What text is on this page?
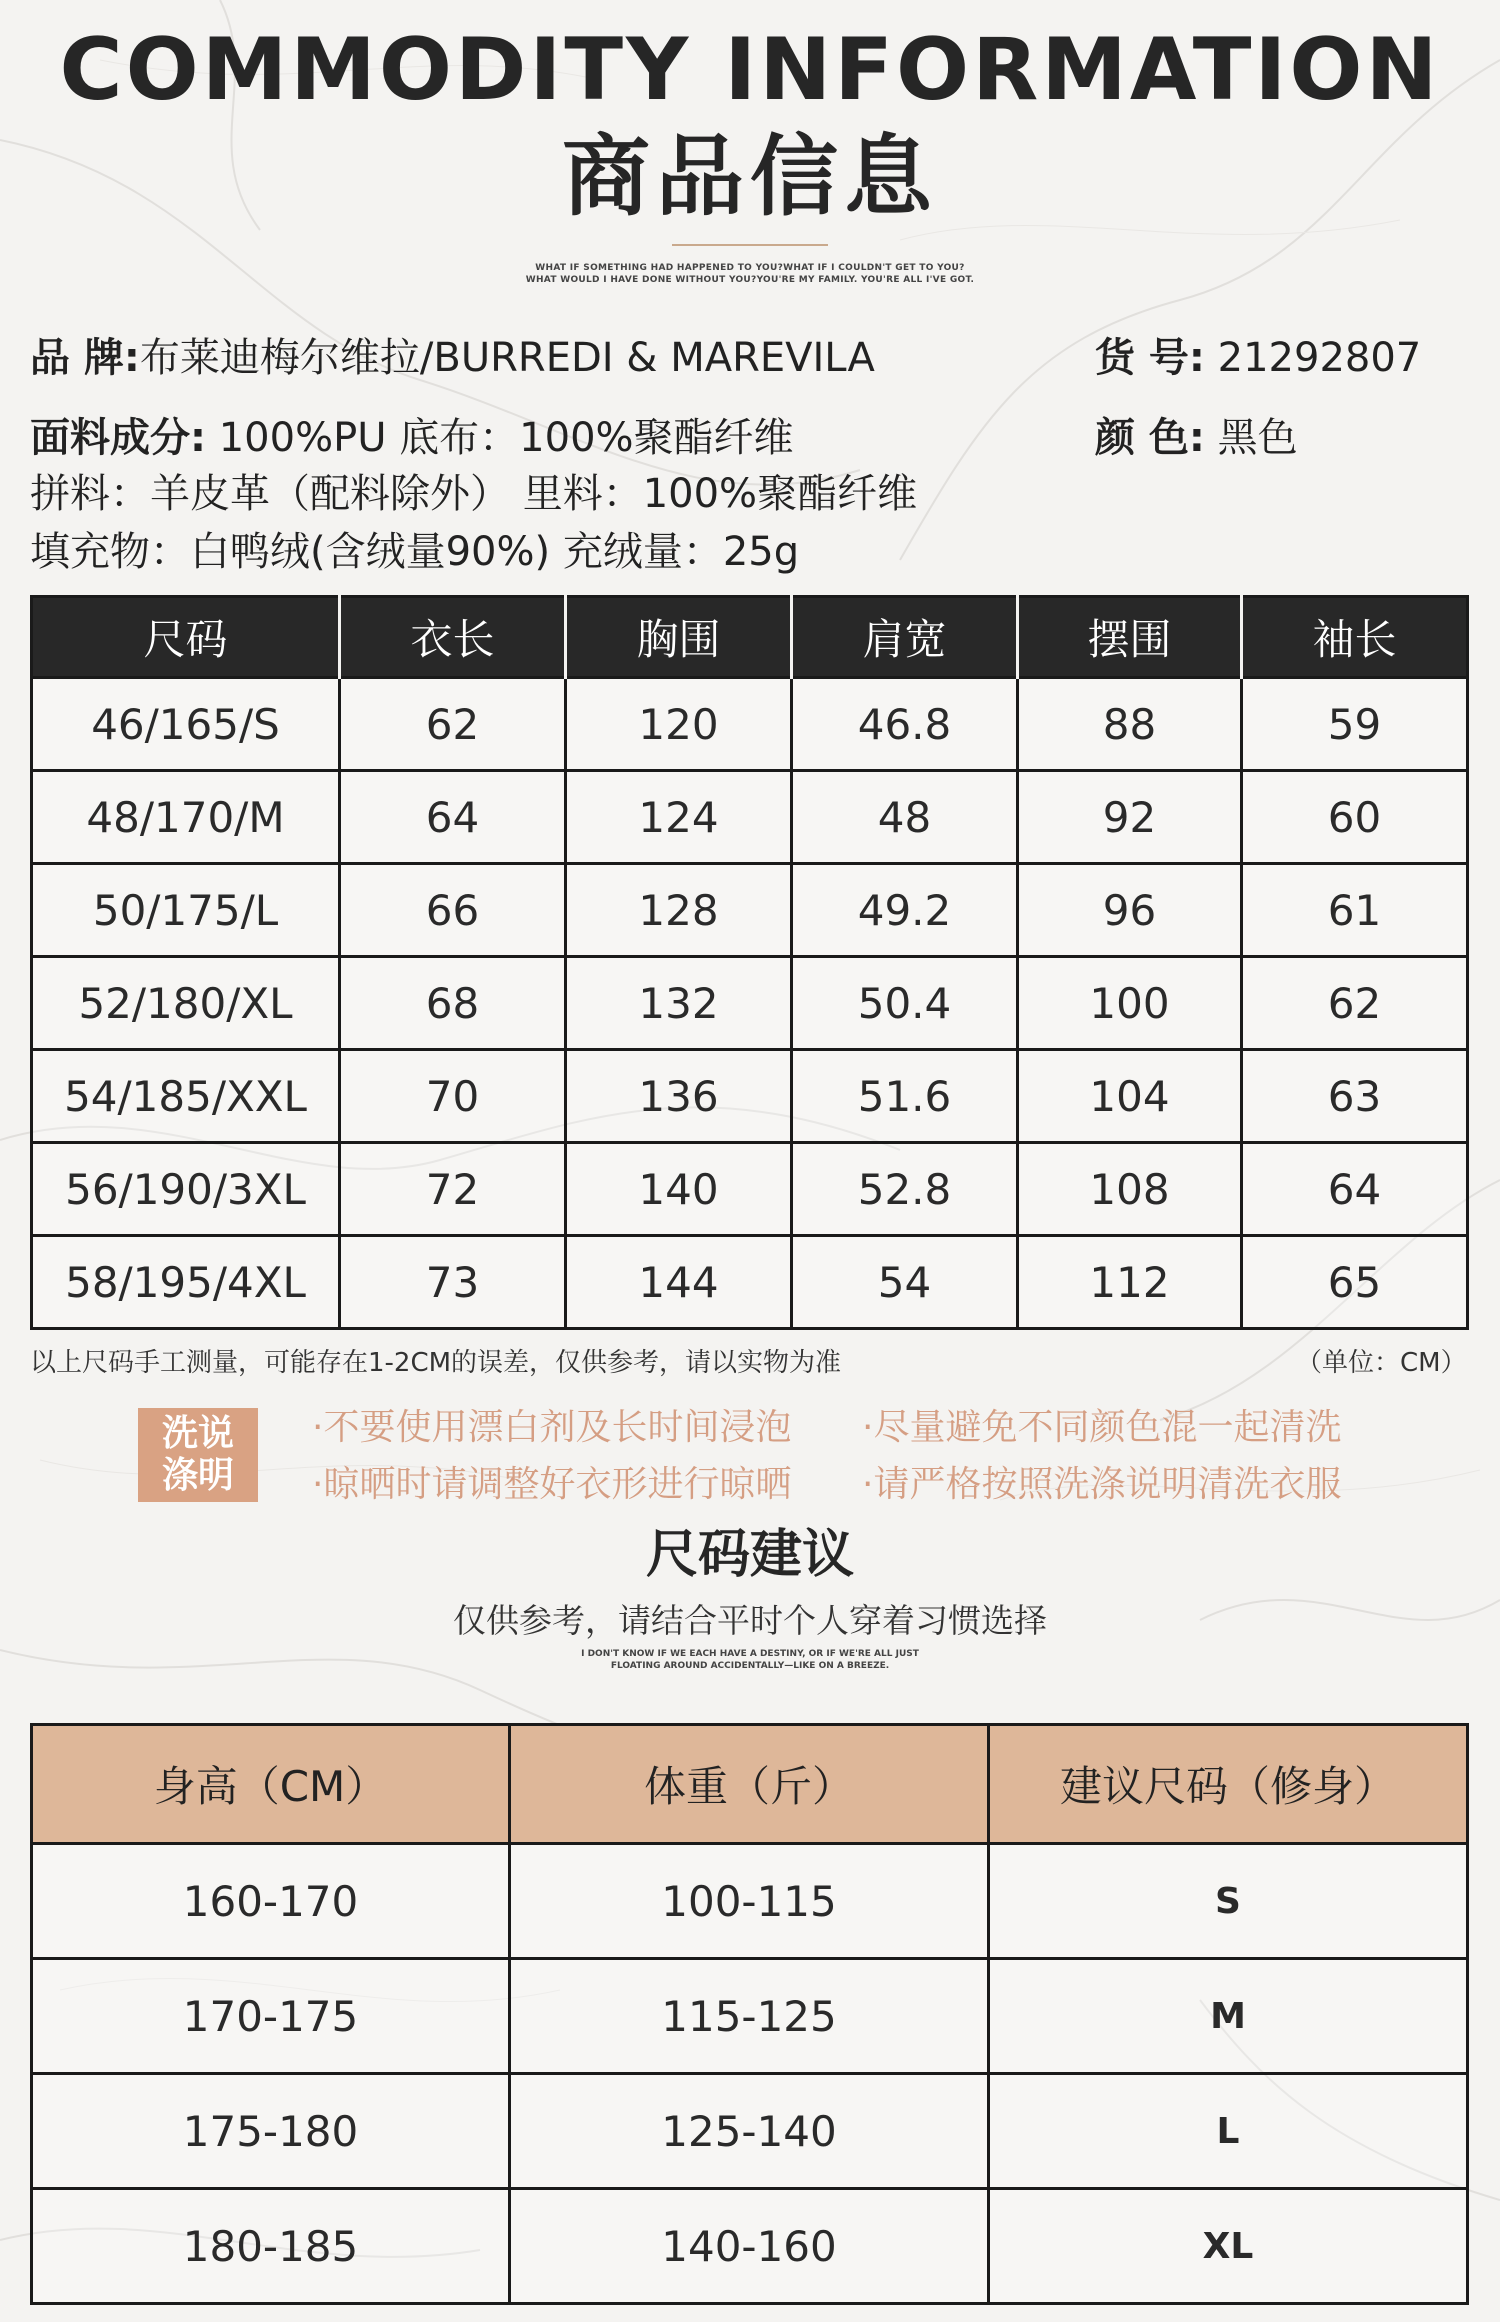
COMMODITY INFORMATION
商品信息
WHAT IF SOMETHING HAD HAPPENED TO YOU?WHAT IF I COULDN'T GET TO YOU?
WHAT WOULD I HAVE DONE WITHOUT YOU?YOU'RE MY FAMILY. YOU'RE ALL I'VE GOT.
品 牌:布莱迪梅尔维拉/BURREDI & MAREVILA	货 号: 21292807
面料成分: 100%PU 底布：100%聚酯纤维	颜 色: 黑色
拼料：羊皮革（配料除外） 里料：100%聚酯纤维
填充物：白鸭绒(含绒量90%) 充绒量：25g
尺码	衣长	胸围	肩宽	摆围	袖长
46/165/S	62	120	46.8	88	59
48/170/M	64	124	48	92	60
50/175/L	66	128	49.2	96	61
52/180/XL	68	132	50.4	100	62
54/185/XXL	70	136	51.6	104	63
56/190/3XL	72	140	52.8	108	64
58/195/4XL	73	144	54	112	65
以上尺码手工测量，可能存在1-2CM的误差，仅供参考，请以实物为准	（单位：CM）
洗说
涤明
·不要使用漂白剂及长时间浸泡 ·尽量避免不同颜色混一起清洗
·晾晒时请调整好衣形进行晾晒 ·请严格按照洗涤说明清洗衣服
尺码建议
仅供参考，请结合平时个人穿着习惯选择
I DON'T KNOW IF WE EACH HAVE A DESTINY, OR IF WE'RE ALL JUST
FLOATING AROUND ACCIDENTALLY—LIKE ON A BREEZE.
身高（CM）	体重（斤）	建议尺码（修身）
160-170	100-115	S
170-175	115-125	M
175-180	125-140	L
180-185	140-160	XL
